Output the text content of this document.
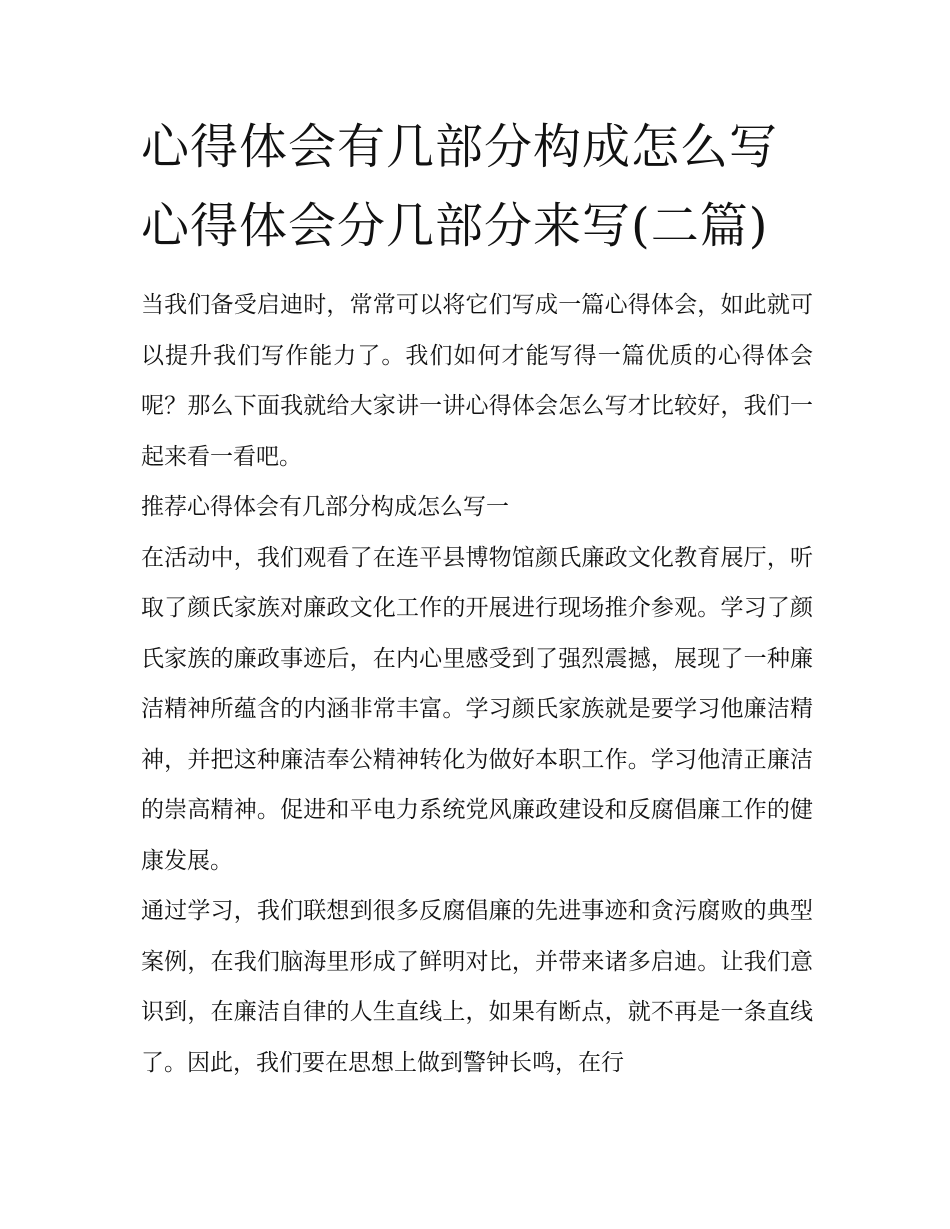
心得体会有几部分构成怎么写
心得体会分几部分来写(二篇)

当我们备受启迪时，常常可以将它们写成一篇心得体会，如此就可以提升我们写作能力了。我们如何才能写得一篇优质的心得体会呢？那么下面我就给大家讲一讲心得体会怎么写才比较好，我们一起来看一看吧。

推荐心得体会有几部分构成怎么写一

在活动中，我们观看了在连平县博物馆颜氏廉政文化教育展厅，听取了颜氏家族对廉政文化工作的开展进行现场推介参观。学习了颜氏家族的廉政事迹后，在内心里感受到了强烈震撼，展现了一种廉洁精神所蕴含的内涵非常丰富。学习颜氏家族就是要学习他廉洁精神，并把这种廉洁奉公精神转化为做好本职工作。学习他清正廉洁的崇高精神。促进和平电力系统党风廉政建设和反腐倡廉工作的健康发展。

通过学习，我们联想到很多反腐倡廉的先进事迹和贪污腐败的典型案例，在我们脑海里形成了鲜明对比，并带来诸多启迪。让我们意识到，在廉洁自律的人生直线上，如果有断点，就不再是一条直线了。因此，我们要在思想上做到警钟长鸣，在行
